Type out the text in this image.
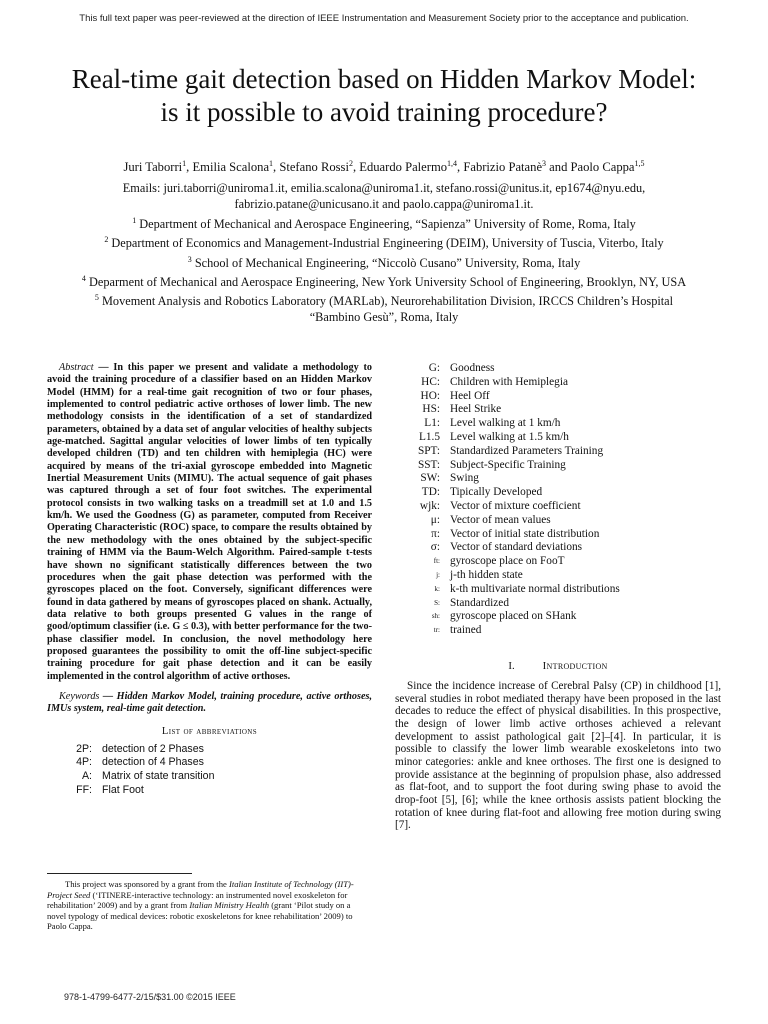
This full text paper was peer-reviewed at the direction of IEEE Instrumentation and Measurement Society prior to the acceptance and publication.
Real-time gait detection based on Hidden Markov Model: is it possible to avoid training procedure?
Juri Taborri$^1$, Emilia Scalona$^1$, Stefano Rossi$^2$, Eduardo Palermo$^{1,4}$, Fabrizio Patanè$^3$ and Paolo Cappa$^{1,5}$
Emails: juri.taborri@uniroma1.it, emilia.scalona@uniroma1.it, stefano.rossi@unitus.it, ep1674@nyu.edu,
fabrizio.patane@unicusano.it and paolo.cappa@uniroma1.it.
$^1$ Department of Mechanical and Aerospace Engineering, “Sapienza” University of Rome, Roma, Italy
$^2$ Department of Economics and Management-Industrial Engineering (DEIM), University of Tuscia, Viterbo, Italy
$^3$ School of Mechanical Engineering, “Niccolò Cusano” University, Roma, Italy
$^4$ Deparment of Mechanical and Aerospace Engineering, New York University School of Engineering, Brooklyn, NY, USA
$^5$ Movement Analysis and Robotics Laboratory (MARLab), Neurorehabilitation Division, IRCCS Children’s Hospital “Bambino Gesù”, Roma, Italy

Abstract — In this paper we present and validate a methodology to avoid the training procedure of a classifier based on an Hidden Markov Model (HMM) for a real-time gait recognition of two or four phases, implemented to control pediatric active orthoses of lower limb. The new methodology consists in the identification of a set of standardized parameters, obtained by a data set of angular velocities of healthy subjects age-matched. Sagittal angular velocities of lower limbs of ten typically developed children (TD) and ten children with hemiplegia (HC) were acquired by means of the tri-axial gyroscope embedded into Magnetic Inertial Measurement Units (MIMU). The actual sequence of gait phases was captured through a set of four foot switches. The experimental protocol consists in two walking tasks on a treadmill set at 1.0 and 1.5 km/h. We used the Goodness (G) as parameter, computed from Receiver Operating Characteristic (ROC) space, to compare the results obtained by the new methodology with the ones obtained by the subject-specific training of HMM via the Baum-Welch Algorithm. Paired-sample t-tests have shown no significant statistically differences between the two procedures when the gait phase detection was performed with the gyroscopes placed on the foot. Conversely, significant differences were found in data gathered by means of gyroscopes placed on shank. Actually, data relative to both groups presented G values in the range of good/optimum classifier (i.e. G ≤ 0.3), with better performance for the two-phase classifier model. In conclusion, the novel methodology here proposed guarantees the possibility to omit the off-line subject-specific training procedure for gait phase detection and it can be easily implemented in the control algorithm of active orthoses.

Keywords — Hidden Markov Model, training procedure, active orthoses, IMUs system, real-time gait detection.

List of abbreviations
2P: detection of 2 Phases
4P: detection of 4 Phases
A: Matrix of state transition
FF: Flat Foot
This project was sponsored by a grant from the Italian Institute of Technology (IIT)-Project Seed (‘ITINERE-interactive technology: an instrumented novel exoskeleton for rehabilitation’ 2009) and by a grant from Italian Ministry Health (grant ‘Pilot study on a novel typology of medical devices: robotic exoskeletons for knee rehabilitation’ 2009) to Paolo Cappa.
G: Goodness
HC: Children with Hemiplegia
HO: Heel Off
HS: Heel Strike
L1: Level walking at 1 km/h
L1.5 Level walking at 1.5 km/h
SPT: Standardized Parameters Training
SST: Subject-Specific Training
SW: Swing
TD: Tipically Developed
wjk: Vector of mixture coefficient
μ: Vector of mean values
π: Vector of initial state distribution
σ: Vector of standard deviations
ft: gyroscope place on FooT
j: j-th hidden state
k: k-th multivariate normal distributions
S: Standardized
sh: gyroscope placed on SHank
tr: trained
I.	Introduction

Since the incidence increase of Cerebral Palsy (CP) in childhood [1], several studies in robot mediated therapy have been proposed in the last decades to reduce the effect of physical disabilities. In this prospective, the design of lower limb active orthoses achieved a relevant development to assist pathological gait [2]–[4]. In particular, it is possible to classify the lower limb wearable exoskeletons into two minor categories: ankle and knee orthoses. The first one is designed to provide assistance at the beginning of propulsion phase, also addressed as flat-foot, and to support the foot during swing phase to avoid the drop-foot [5], [6]; while the knee orthosis assists patient blocking the rotation of knee during flat-foot and allowing free motion during swing [7].

978-1-4799-6477-2/15/$31.00 ©2015 IEEE
